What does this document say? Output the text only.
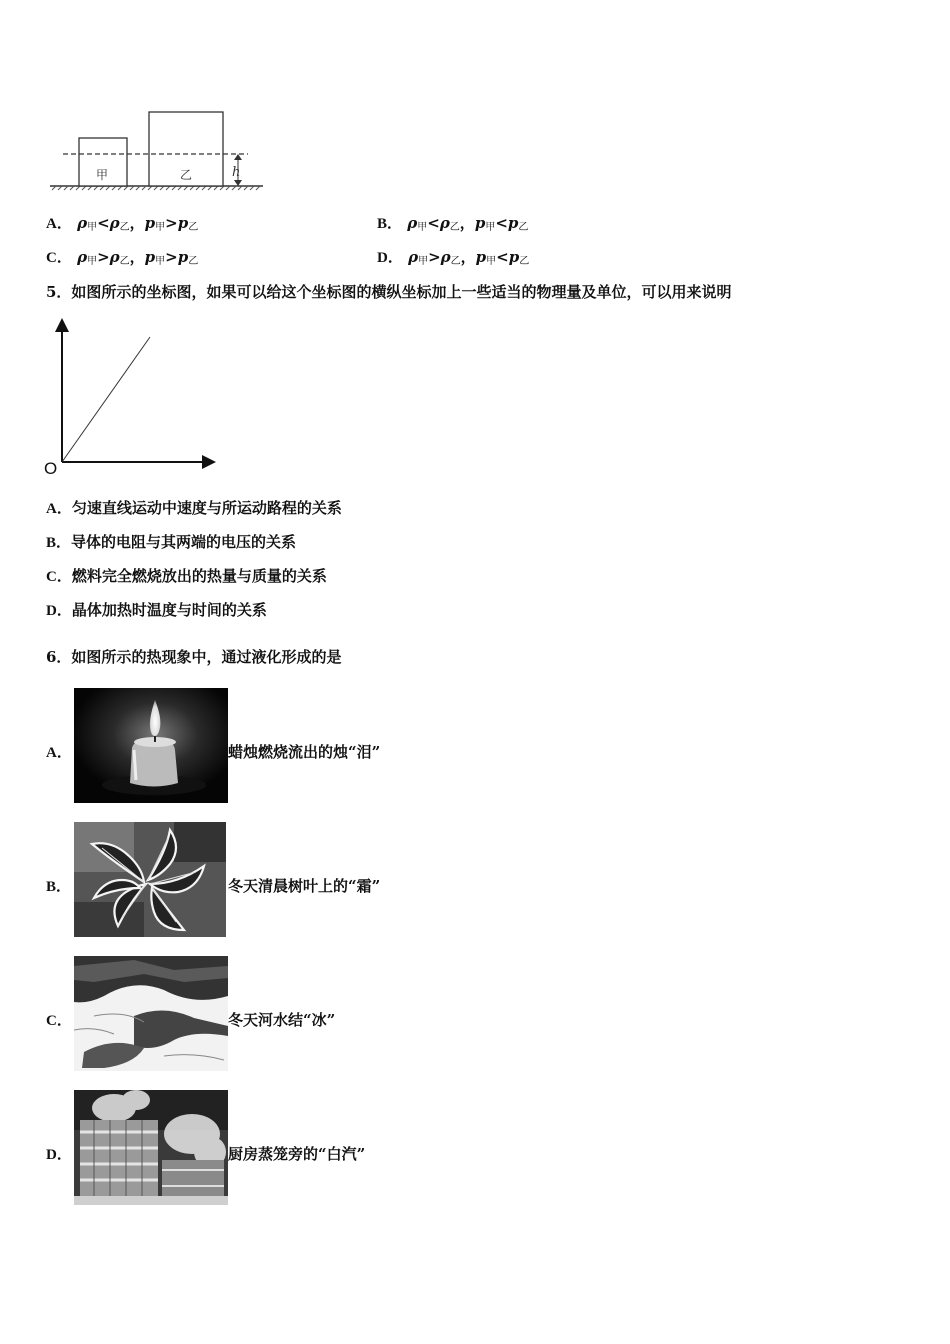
甲	乙	h
A． ρ甲<ρ乙，p甲>p乙	B． ρ甲<ρ乙，p甲<p乙
C． ρ甲>ρ乙，p甲>p乙	D． ρ甲>ρ乙，p甲<p乙
5．如图所示的坐标图，如果可以给这个坐标图的横纵坐标加上一些适当的物理量及单位，可以用来说明
O
A．匀速直线运动中速度与所运动路程的关系
B．导体的电阻与其两端的电压的关系
C．燃料完全燃烧放出的热量与质量的关系
D．晶体加热时温度与时间的关系
6．如图所示的热现象中，通过液化形成的是
A．	蜡烛燃烧流出的烛“泪”
B．	冬天清晨树叶上的“霜”
C．	冬天河水结“冰”
D．	厨房蒸笼旁的“白汽”
